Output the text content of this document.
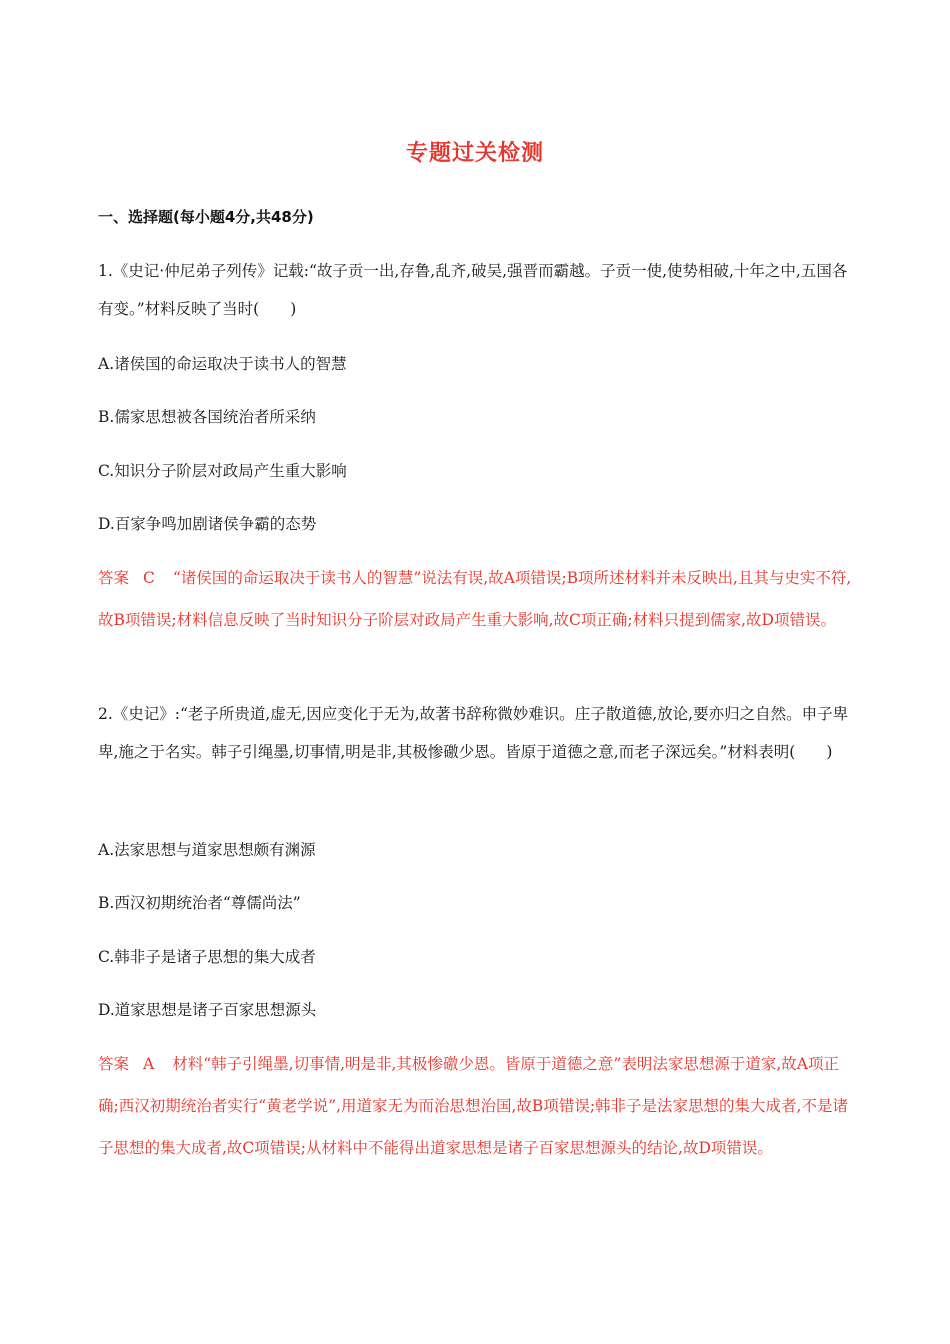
专题过关检测
一、选择题(每小题4分,共48分)
1.《史记·仲尼弟子列传》记载:“故子贡一出,存鲁,乱齐,破吴,强晋而霸越。子贡一使,使势相破,十年之中,五国各有变。”材料反映了当时(　　)
A.诸侯国的命运取决于读书人的智慧
B.儒家思想被各国统治者所采纳
C.知识分子阶层对政局产生重大影响
D.百家争鸣加剧诸侯争霸的态势
答案 C “诸侯国的命运取决于读书人的智慧”说法有误,故A项错误;B项所述材料并未反映出,且其与史实不符,故B项错误;材料信息反映了当时知识分子阶层对政局产生重大影响,故C项正确;材料只提到儒家,故D项错误。
2.《史记》:“老子所贵道,虚无,因应变化于无为,故著书辞称微妙难识。庄子散道德,放论,要亦归之自然。申子卑卑,施之于名实。韩子引绳墨,切事情,明是非,其极惨礉少恩。皆原于道德之意,而老子深远矣。”材料表明(　　)
A.法家思想与道家思想颇有渊源
B.西汉初期统治者“尊儒尚法”
C.韩非子是诸子思想的集大成者
D.道家思想是诸子百家思想源头
答案 A 材料“韩子引绳墨,切事情,明是非,其极惨礉少恩。皆原于道德之意”表明法家思想源于道家,故A项正确;西汉初期统治者实行“黄老学说”,用道家无为而治思想治国,故B项错误;韩非子是法家思想的集大成者,不是诸子思想的集大成者,故C项错误;从材料中不能得出道家思想是诸子百家思想源头的结论,故D项错误。
